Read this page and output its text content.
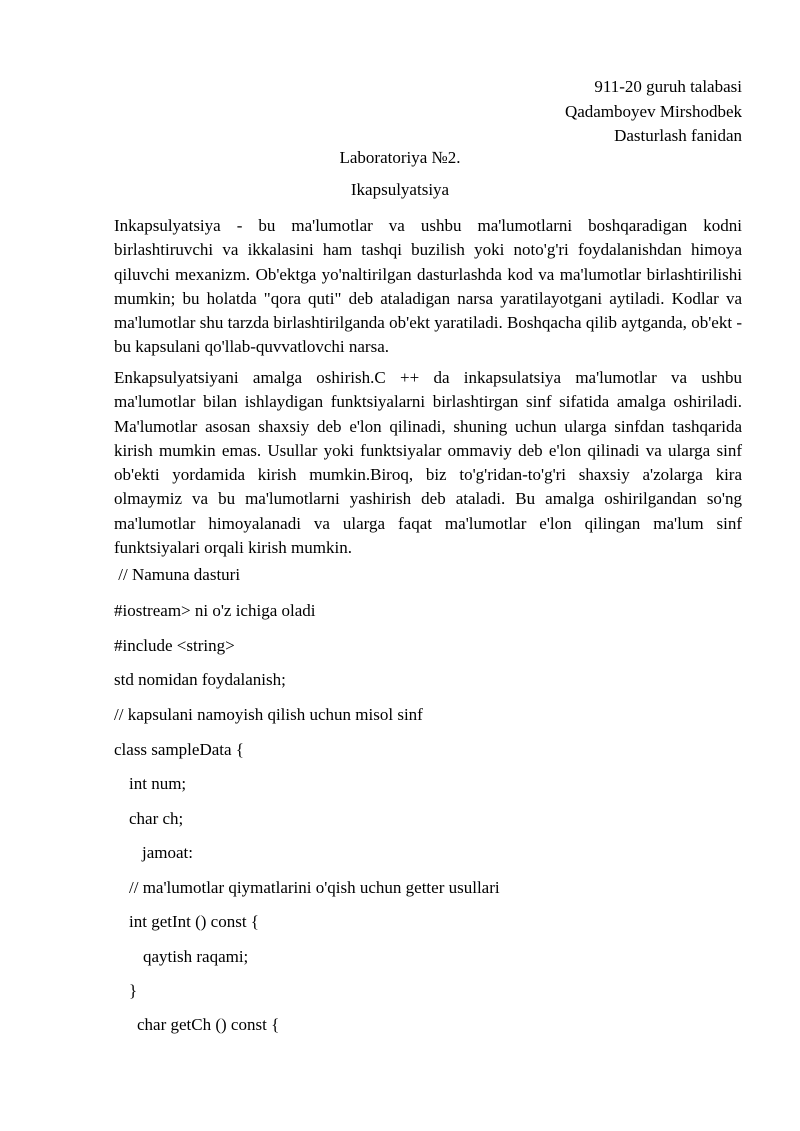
911-20 guruh talabasi
Qadamboyev Mirshodbek
Dasturlash fanidan
Laboratoriya №2.
Ikapsulyatsiya

Inkapsulyatsiya - bu ma'lumotlar va ushbu ma'lumotlarni boshqaradigan kodni birlashtiruvchi va ikkalasini ham tashqi buzilish yoki noto'g'ri foydalanishdan himoya qiluvchi mexanizm. Ob'ektga yo'naltirilgan dasturlashda kod va ma'lumotlar birlashtirilishi mumkin; bu holatda "qora quti" deb ataladigan narsa yaratilayotgani aytiladi. Kodlar va ma'lumotlar shu tarzda birlashtirilganda ob'ekt yaratiladi. Boshqacha qilib aytganda, ob'ekt - bu kapsulani qo'llab-quvvatlovchi narsa.

Enkapsulyatsiyani amalga oshirish.C ++ da inkapsulatsiya ma'lumotlar va ushbu ma'lumotlar bilan ishlaydigan funktsiyalarni birlashtirgan sinf sifatida amalga oshiriladi. Ma'lumotlar asosan shaxsiy deb e'lon qilinadi, shuning uchun ularga sinfdan tashqarida kirish mumkin emas. Usullar yoki funktsiyalar ommaviy deb e'lon qilinadi va ularga sinf ob'ekti yordamida kirish mumkin.Biroq, biz to'g'ridan-to'g'ri shaxsiy a'zolarga kira olmaymiz va bu ma'lumotlarni yashirish deb ataladi. Bu amalga oshirilgandan so'ng ma'lumotlar himoyalanadi va ularga faqat ma'lumotlar e'lon qilingan ma'lum sinf funktsiyalari orqali kirish mumkin.

// Namuna dasturi
#iostream> ni o'z ichiga oladi
#include <string>
std nomidan foydalanish;
// kapsulani namoyish qilish uchun misol sinf
class sampleData {
int num;
char ch;
jamoat:
// ma'lumotlar qiymatlarini o'qish uchun getter usullari
int getInt () const {
qaytish raqami;
}
char getCh () const {
